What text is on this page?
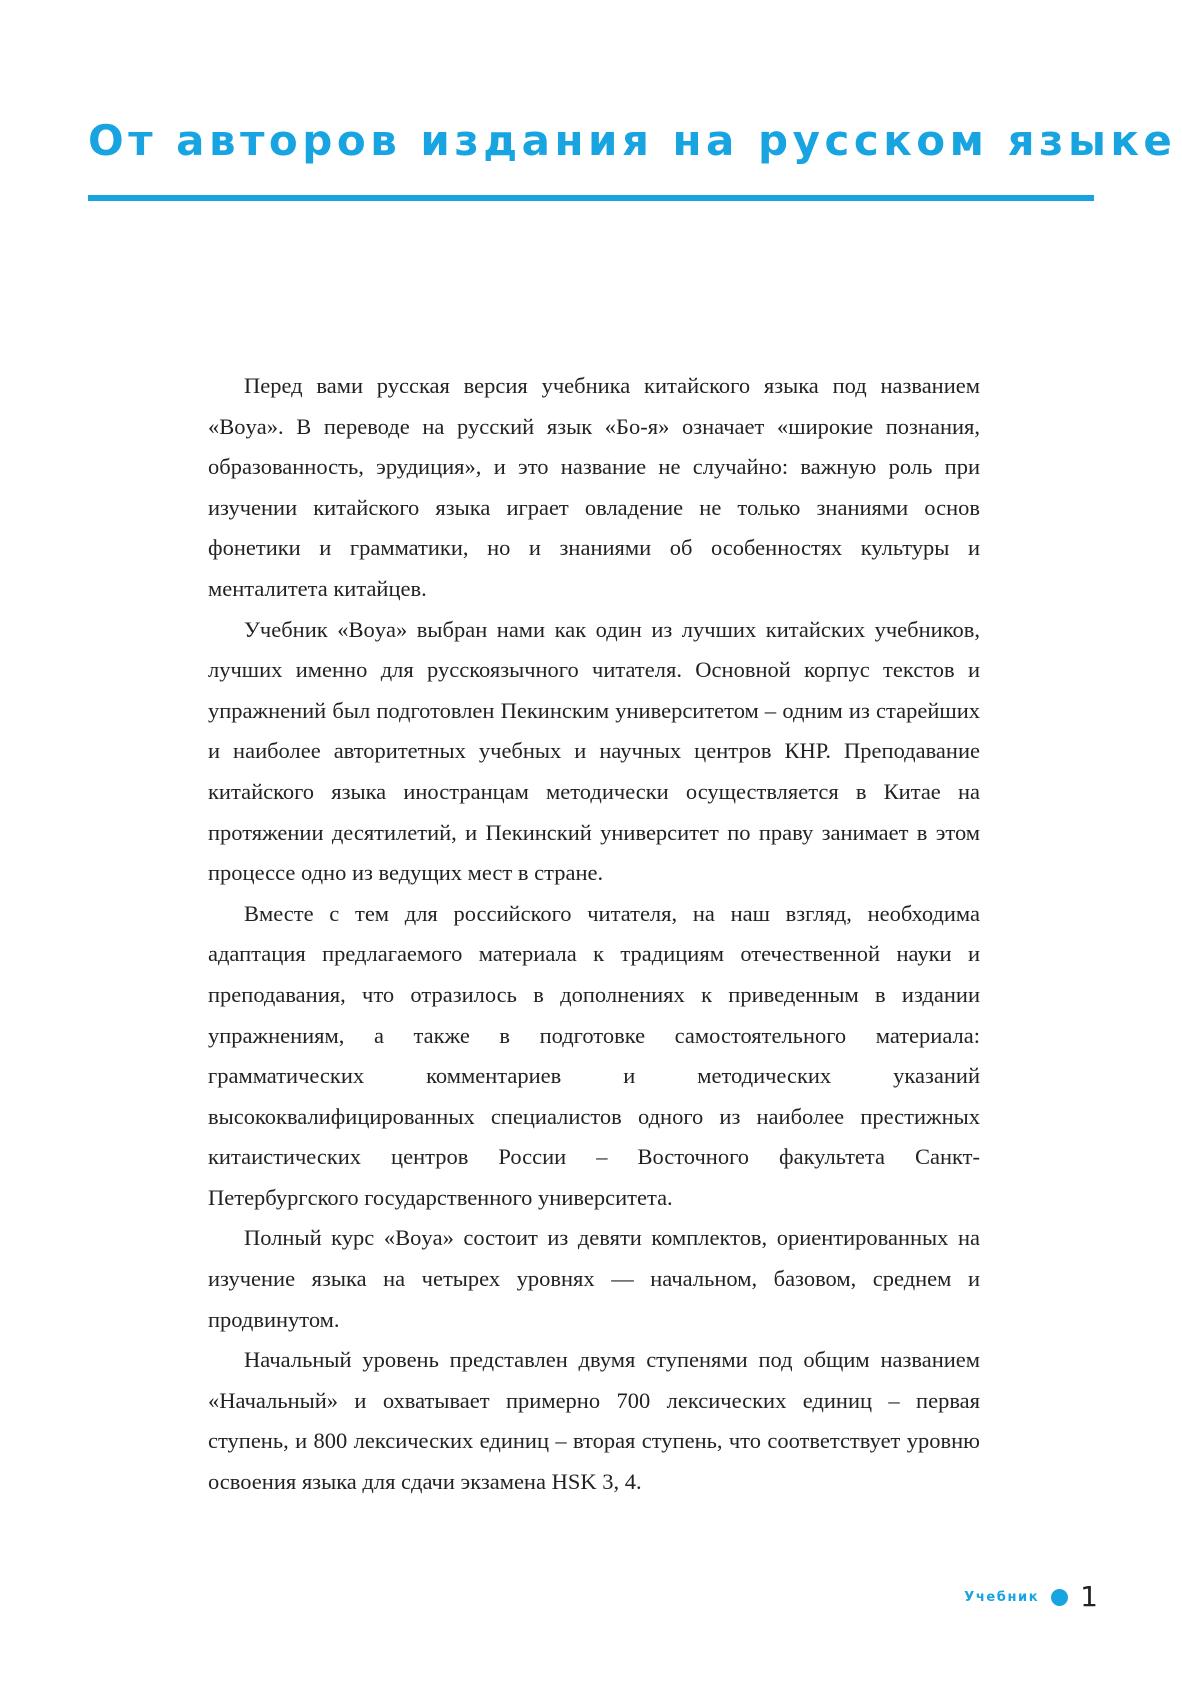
От авторов издания на русском языке

Перед вами русская версия учебника китайского языка под названием «Boya». В переводе на русский язык «Бо-я» означает «широкие познания, образованность, эрудиция», и это название не случайно: важную роль при изучении китайского языка играет овладение не только знаниями основ фонетики и грамматики, но и знаниями об особенностях культуры и менталитета китайцев.

Учебник «Boya» выбран нами как один из лучших китайских учебников, лучших именно для русскоязычного читателя. Основной корпус текстов и упражнений был подготовлен Пекинским университетом – одним из старейших и наиболее авторитетных учебных и научных центров КНР. Преподавание китайского языка иностранцам методически осуществляется в Китае на протяжении десятилетий, и Пекинский университет по праву занимает в этом процессе одно из ведущих мест в стране.

Вместе с тем для российского читателя, на наш взгляд, необходима адаптация предлагаемого материала к традициям отечественной науки и преподавания, что отразилось в дополнениях к приведенным в издании упражнениям, а также в подготовке самостоятельного материала: грамматических комментариев и методических указаний высококвалифицированных специалистов одного из наиболее престижных китаистических центров России – Восточного факультета Санкт-Петербургского государственного университета.

Полный курс «Boya» состоит из девяти комплектов, ориентированных на изучение языка на четырех уровнях — начальном, базовом, среднем и продвинутом.

Начальный уровень представлен двумя ступенями под общим названием «Начальный» и охватывает примерно 700 лексических единиц – первая ступень, и 800 лексических единиц – вторая ступень, что соответствует уровню освоения языка для сдачи экзамена HSK 3, 4.

Учебник 1
